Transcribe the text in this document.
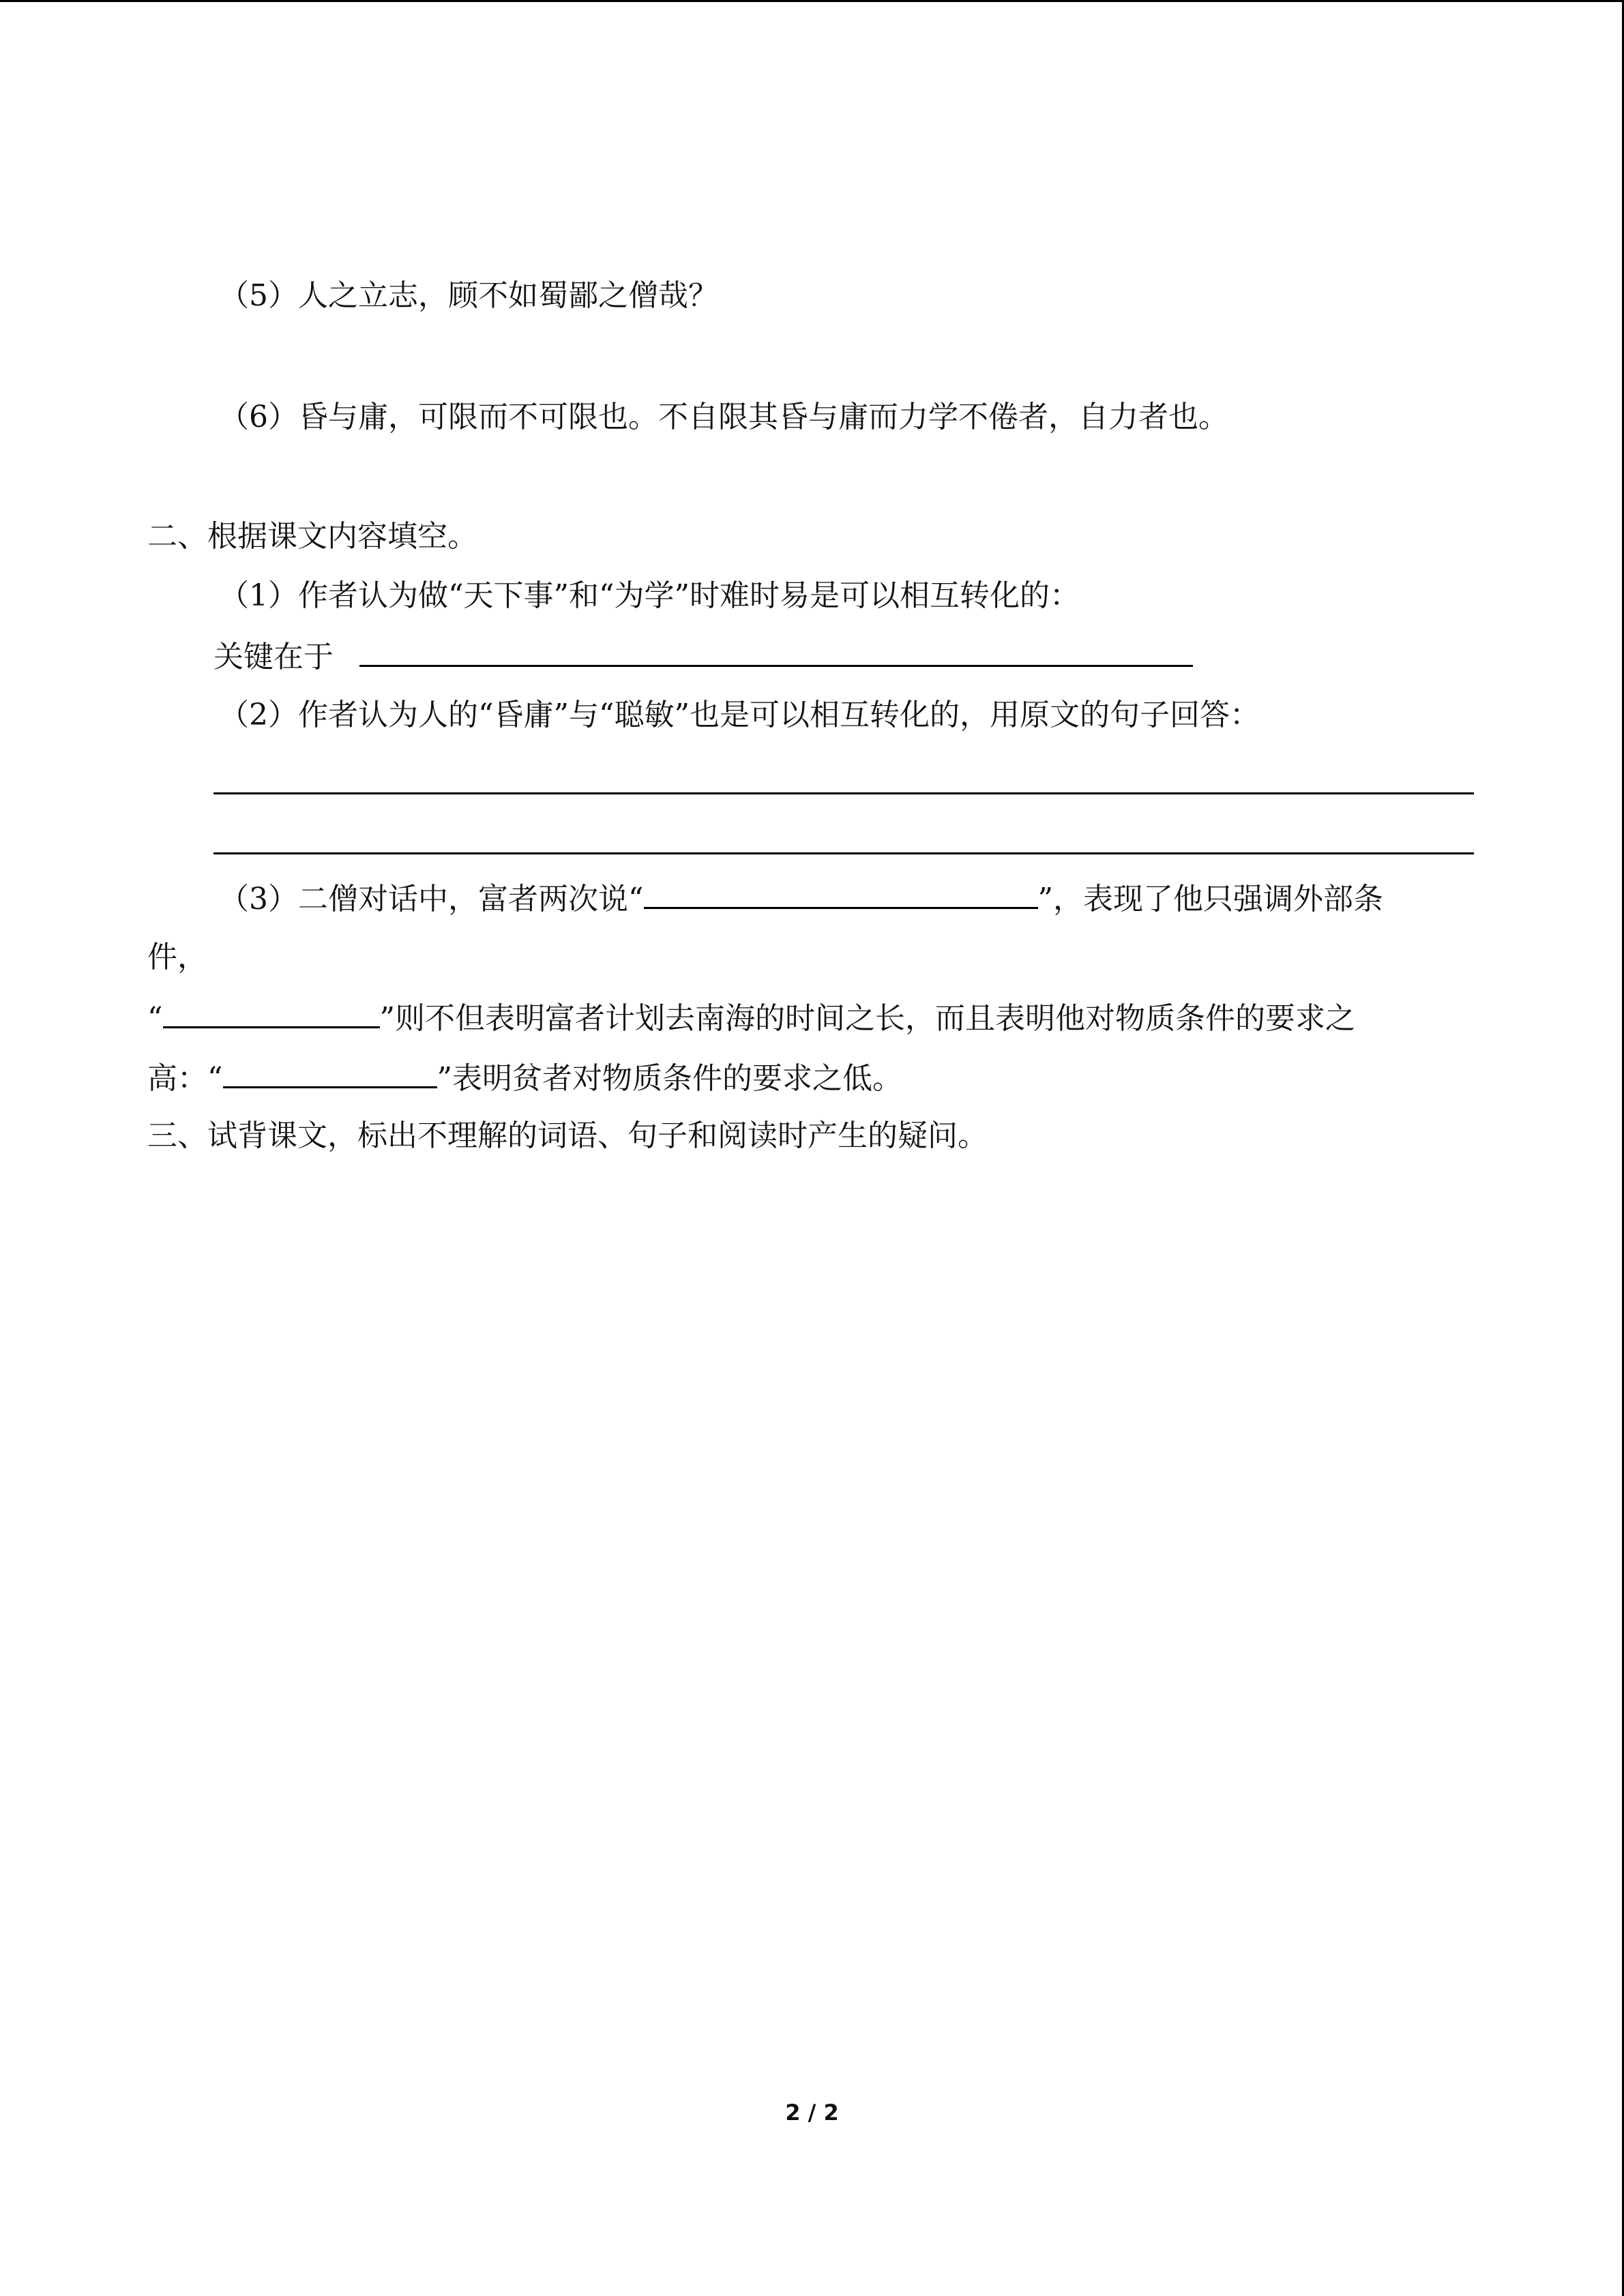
（5）人之立志，顾不如蜀鄙之僧哉？
（6）昏与庸，可限而不可限也。不自限其昏与庸而力学不倦者，自力者也。
二、根据课文内容填空。
（1）作者认为做“天下事”和“为学”时难时易是可以相互转化的：
关键在于
（2）作者认为人的“昏庸”与“聪敏”也是可以相互转化的，用原文的句子回答：
（3）二僧对话中，富者两次说“	”，表现了他只强调外部条
件，
“	”则不但表明富者计划去南海的时间之长，而且表明他对物质条件的要求之
高：“	”表明贫者对物质条件的要求之低。
三、试背课文，标出不理解的词语、句子和阅读时产生的疑问。
2 / 2
